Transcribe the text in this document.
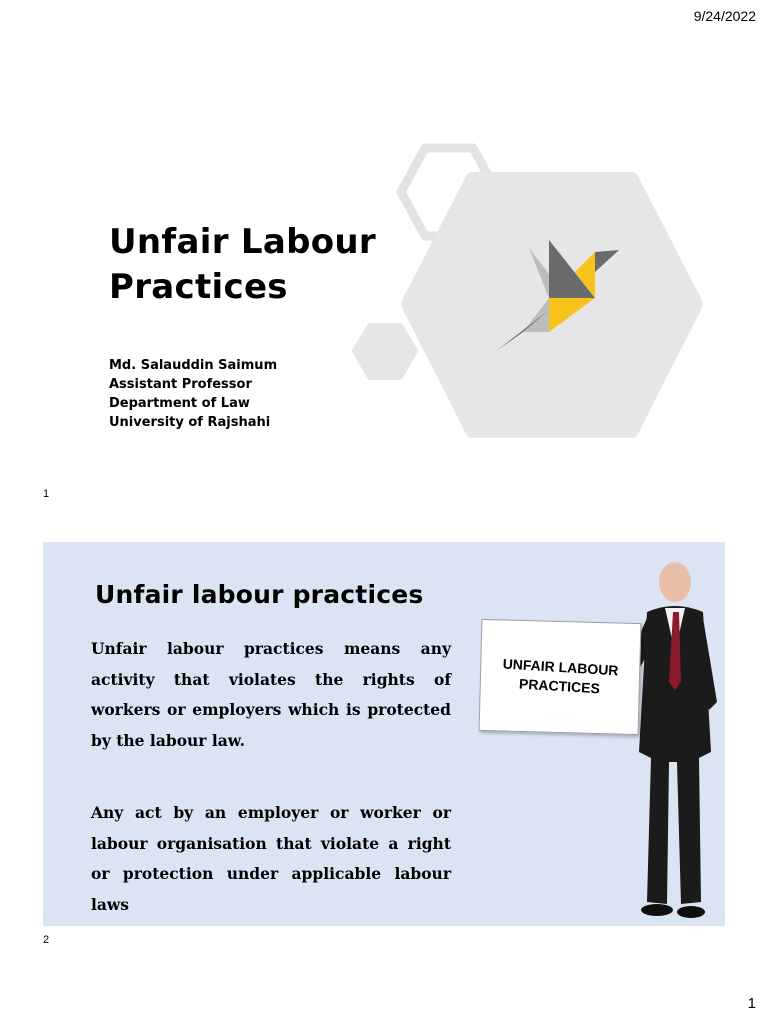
9/24/2022
Unfair Labour
Practices
Md. Salauddin Saimum
Assistant Professor
Department of Law
University of Rajshahi
1
Unfair labour practices

Unfair labour practices means any activity that violates the rights of workers or employers which is protected by the labour law.

Any act by an employer or worker or labour organisation that violate a right or protection under applicable labour laws

UNFAIR LABOUR
PRACTICES
2
1
